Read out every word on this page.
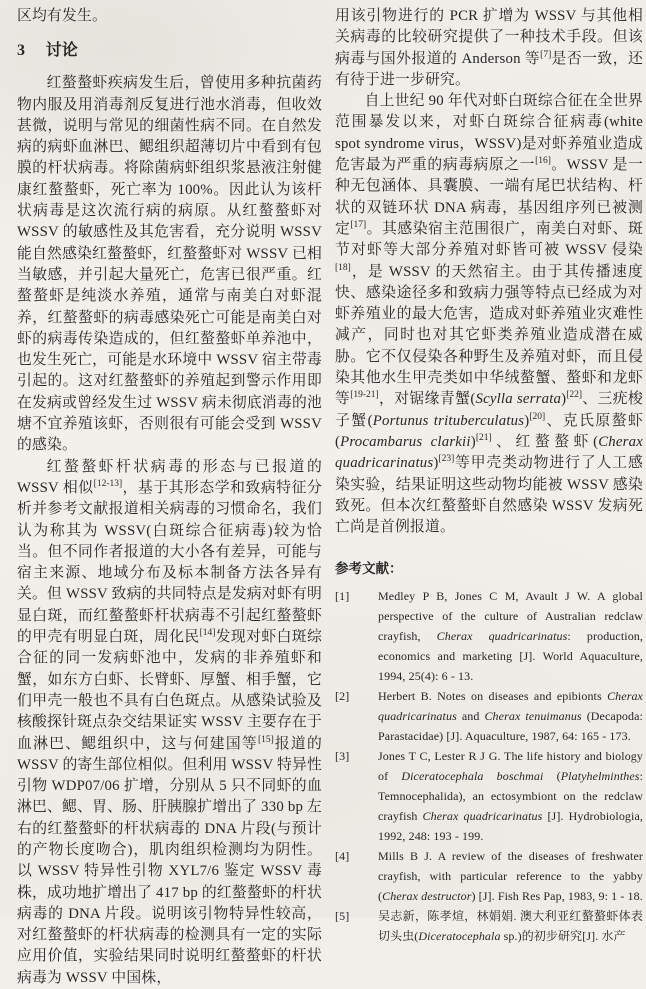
区均有发生。

3 讨论

红螯螯虾疾病发生后，曾使用多种抗菌药物内服及用消毒剂反复进行池水消毒，但收效甚微，说明与常见的细菌性病不同。在自然发病的病虾血淋巴、鳃组织超薄切片中看到有包膜的杆状病毒。将除菌病虾组织浆悬液注射健康红螯螯虾，死亡率为 100%。因此认为该杆状病毒是这次流行病的病原。从红螯螯虾对 WSSV 的敏感性及其危害看，充分说明 WSSV 能自然感染红螯螯虾，红螯螯虾对 WSSV 已相当敏感，并引起大量死亡，危害已很严重。红螯螯虾是纯淡水养殖，通常与南美白对虾混养，红螯螯虾的病毒感染死亡可能是南美白对虾的病毒传染造成的，但红螯螯虾单养池中，也发生死亡，可能是水环境中 WSSV 宿主带毒引起的。这对红螯螯虾的养殖起到警示作用即在发病或曾经发生过 WSSV 病未彻底消毒的池塘不宜养殖该虾，否则很有可能会受到 WSSV 的感染。

红螯螯虾杆状病毒的形态与已报道的 WSSV 相似[12-13]，基于其形态学和致病特征分析并参考文献报道相关病毒的习惯命名，我们认为称其为 WSSV(白斑综合征病毒)较为恰当。但不同作者报道的大小各有差异，可能与宿主来源、地域分布及标本制备方法各异有关。但 WSSV 致病的共同特点是发病对虾有明显白斑，而红螯螯虾杆状病毒不引起红螯螯虾的甲壳有明显白斑，周化民[14]发现对虾白斑综合征的同一发病虾池中，发病的非养殖虾和蟹，如东方白虾、长臂虾、厚蟹、相手蟹，它们甲壳一般也不具有白色斑点。从感染试验及核酸探针斑点杂交结果证实 WSSV 主要存在于血淋巴、鳃组织中，这与何建国等[15]报道的 WSSV 的寄生部位相似。但利用 WSSV 特异性引物 WDP07/06 扩增，分别从 5 只不同虾的血淋巴、鳃、胃、肠、肝胰腺扩增出了 330 bp 左右的红螯螯虾的杆状病毒的 DNA 片段(与预计的产物长度吻合)，肌肉组织检测均为阴性。以 WSSV 特异性引物 XYL7/6 鉴定 WSSV 毒株，成功地扩增出了 417 bp 的红螯螯虾的杆状病毒的 DNA 片段。说明该引物特异性较高，对红螯螯虾的杆状病毒的检测具有一定的实际应用价值，实验结果同时说明红螯螯虾的杆状病毒为 WSSV 中国株，

用该引物进行的 PCR 扩增为 WSSV 与其他相关病毒的比较研究提供了一种技术手段。但该病毒与国外报道的 Anderson 等[7]是否一致，还有待于进一步研究。

自上世纪 90 年代对虾白斑综合征在全世界范围暴发以来，对虾白斑综合征病毒(white spot syndrome virus，WSSV)是对虾养殖业造成危害最为严重的病毒病原之一[16]。WSSV 是一种无包涵体、具囊膜、一端有尾巴状结构、杆状的双链环状 DNA 病毒，基因组序列已被测定[17]。其感染宿主范围很广，南美白对虾、斑节对虾等大部分养殖对虾皆可被 WSSV 侵染[18]，是 WSSV 的天然宿主。由于其传播速度快、感染途径多和致病力强等特点已经成为对虾养殖业的最大危害，造成对虾养殖业灾难性减产，同时也对其它虾类养殖业造成潜在威胁。它不仅侵染各种野生及养殖对虾，而且侵染其他水生甲壳类如中华绒螯蟹、螯虾和龙虾等[19-21]，对锯缘青蟹(Scylla serrata)[22]、三疣梭子蟹(Portunus trituberculatus)[20]、克氏原螯虾(Procambarus clarkii)[21]、红螯螯虾(Cherax quadricarinatus)[23]等甲壳类动物进行了人工感染实验，结果证明这些动物均能被 WSSV 感染致死。但本次红螯螯虾自然感染 WSSV 发病死亡尚是首例报道。

参考文献：
[1]	Medley P B, Jones C M, Avault J W. A global perspective of the culture of Australian redclaw crayfish, Cherax quadricarinatus: production, economics and marketing [J]. World Aquaculture, 1994, 25(4): 6 - 13.
[2]	Herbert B. Notes on diseases and epibionts Cherax quadricarinatus and Cherax tenuimanus (Decapoda: Parastacidae) [J]. Aquaculture, 1987, 64: 165 - 173.
[3]	Jones T C, Lester R J G. The life history and biology of Diceratocephala boschmai (Platyhelminthes: Temnocephalida), an ectosymbiont on the redclaw crayfish Cherax quadricarinatus [J]. Hydrobiologia, 1992, 248: 193 - 199.
[4]	Mills B J. A review of the diseases of freshwater crayfish, with particular reference to the yabby (Cherax destructor) [J]. Fish Res Pap, 1983, 9: 1 - 18.
[5]	吴志新，陈孝煊，林娟娟. 澳大利亚红螯螯虾体表切头虫(Diceratocephala sp.)的初步研究[J]. 水产
